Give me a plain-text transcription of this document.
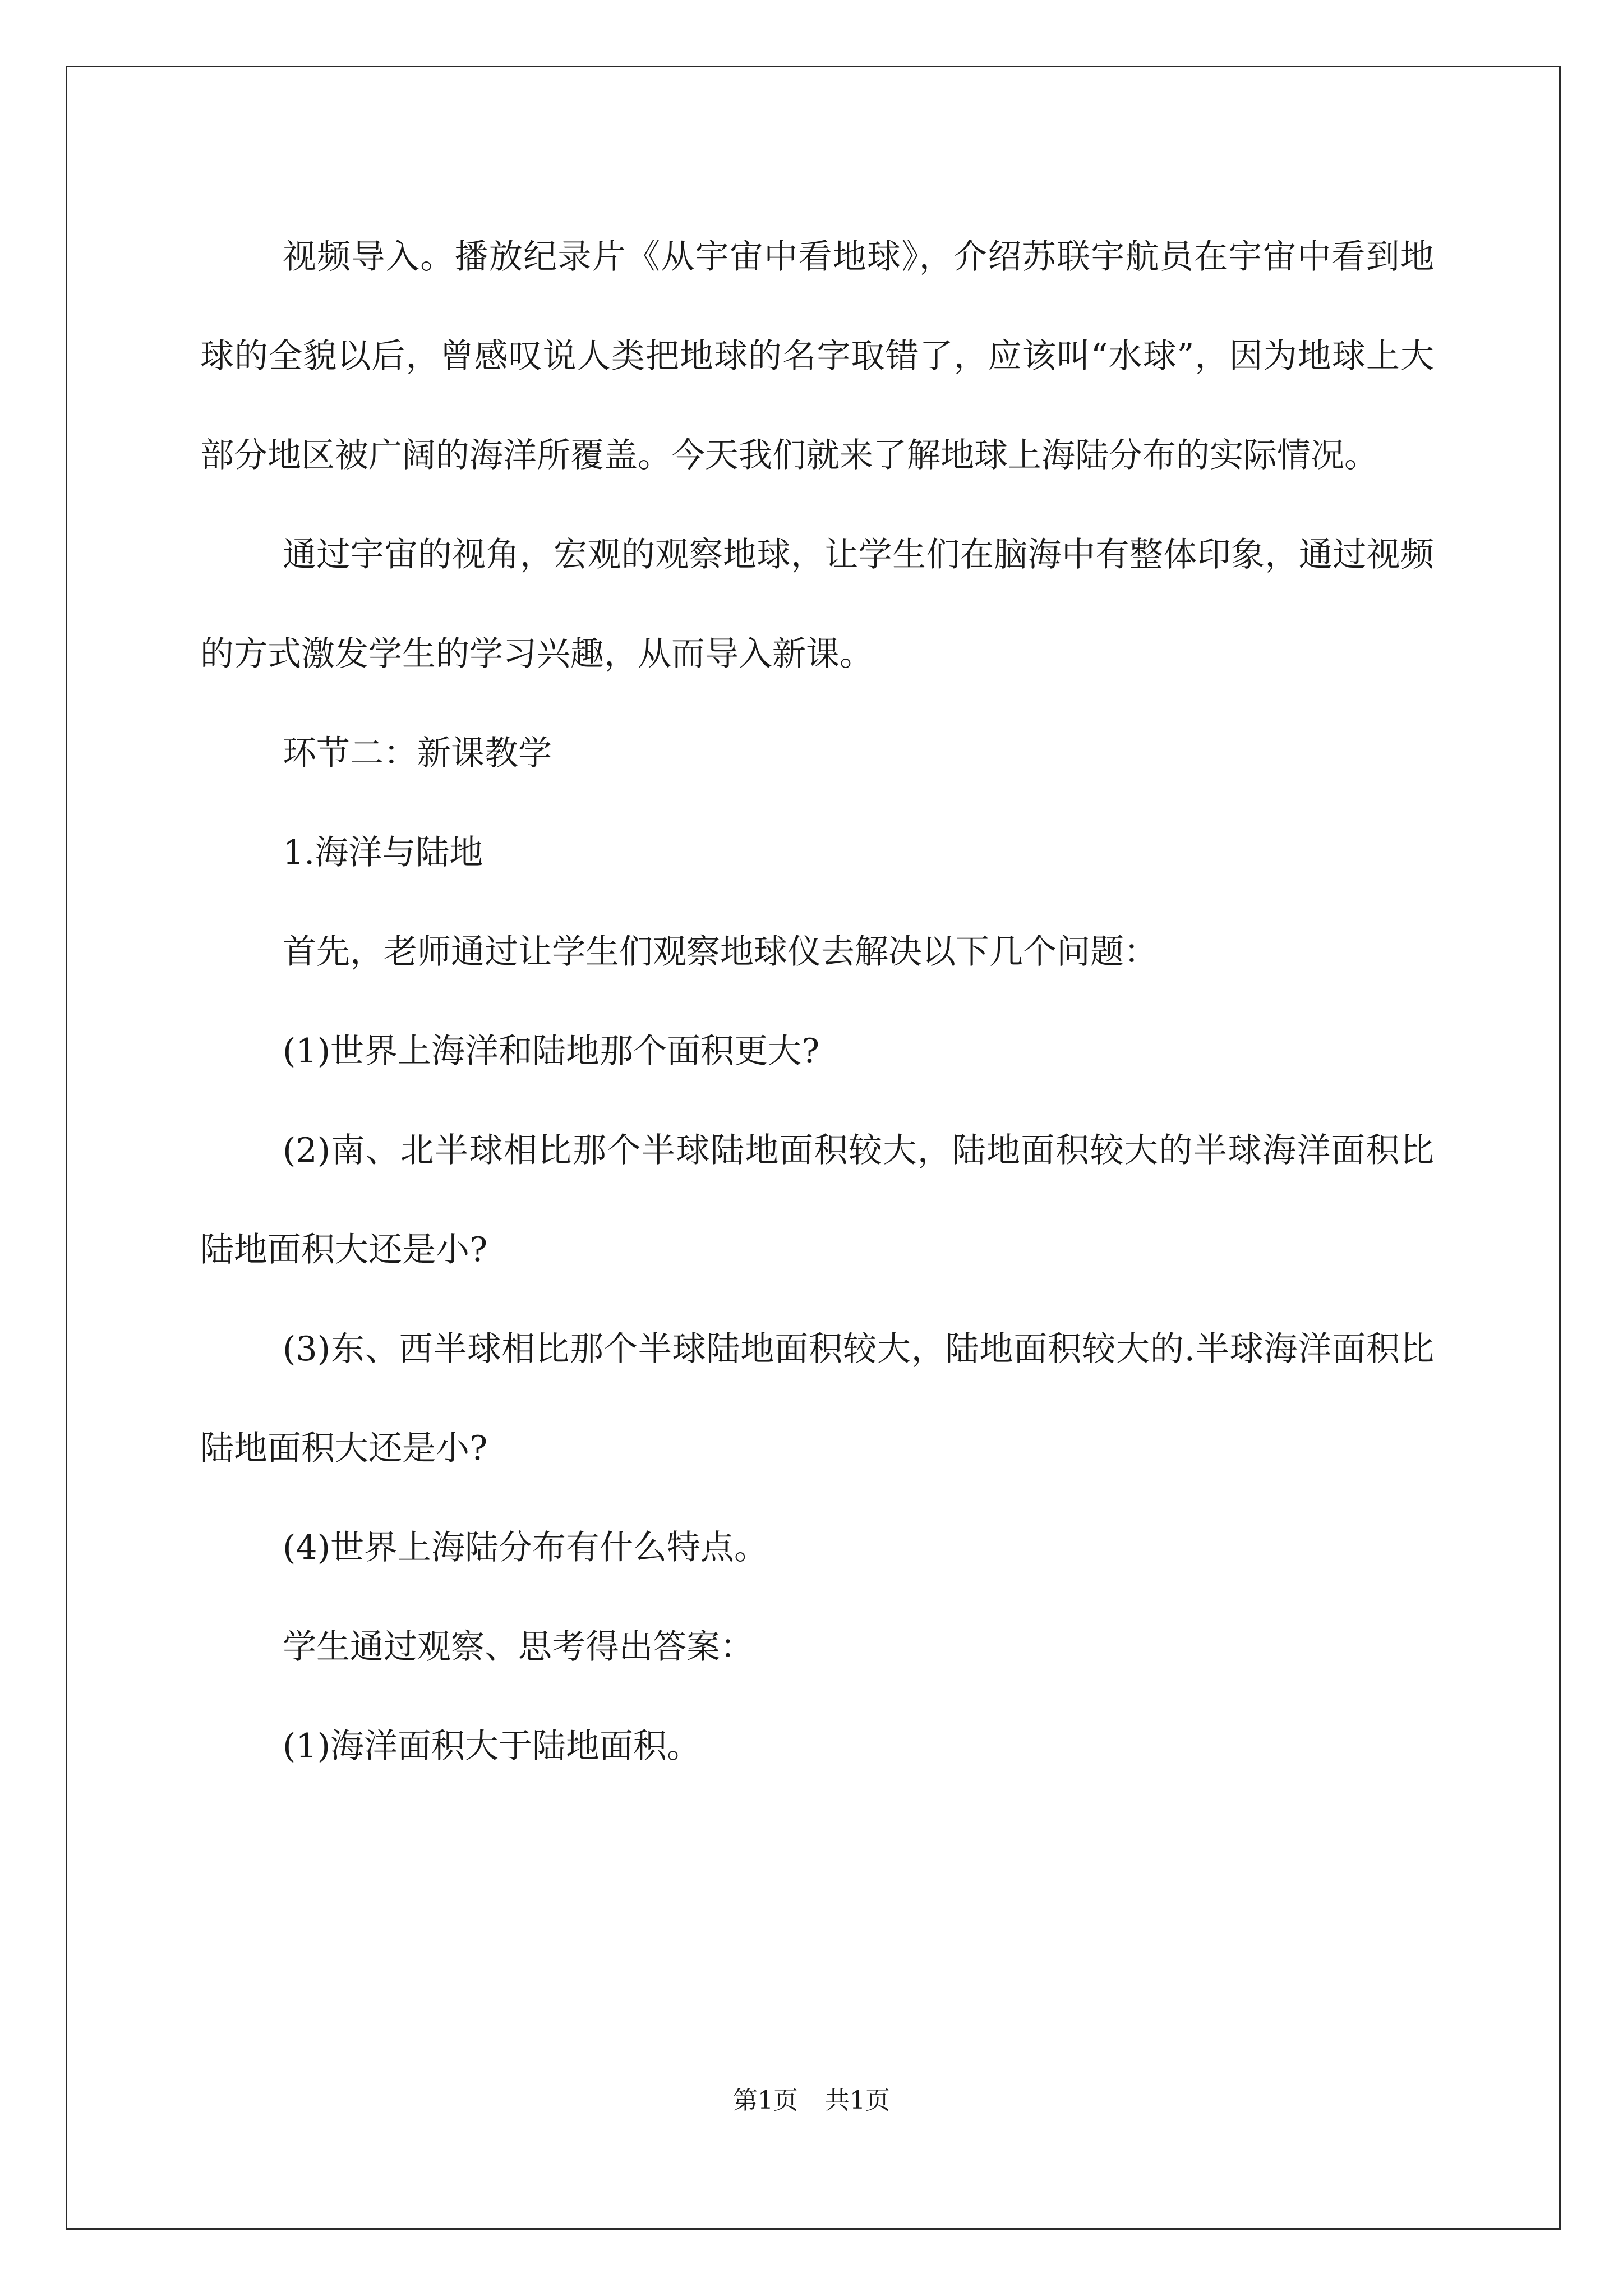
视频导入。播放纪录片《从宇宙中看地球》，介绍苏联宇航员在宇宙中看到地球的全貌以后，曾感叹说人类把地球的名字取错了，应该叫“水球”，因为地球上大部分地区被广阔的海洋所覆盖。今天我们就来了解地球上海陆分布的实际情况。

通过宇宙的视角，宏观的观察地球，让学生们在脑海中有整体印象，通过视频的方式激发学生的学习兴趣，从而导入新课。

环节二：新课教学

1.海洋与陆地

首先，老师通过让学生们观察地球仪去解决以下几个问题：

(1)世界上海洋和陆地那个面积更大?

(2)南、北半球相比那个半球陆地面积较大，陆地面积较大的半球海洋面积比陆地面积大还是小?

(3)东、西半球相比那个半球陆地面积较大，陆地面积较大的.半球海洋面积比陆地面积大还是小?

(4)世界上海陆分布有什么特点。

学生通过观察、思考得出答案：

(1)海洋面积大于陆地面积。

第1页 共1页
